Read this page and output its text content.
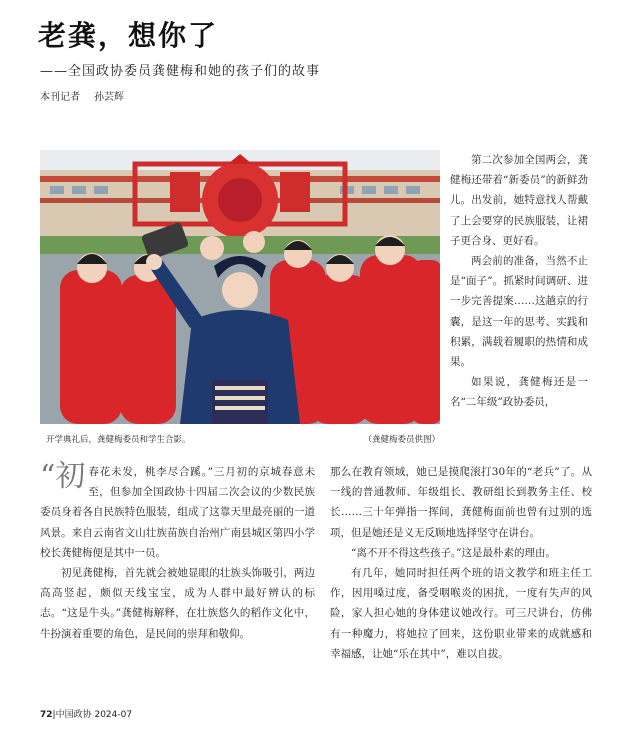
老龚，想你了
——全国政协委员龚健梅和她的孩子们的故事
本刊记者 孙芸辉
开学典礼后，龚健梅委员和学生合影。	（龚健梅委员供图）

第二次参加全国两会，龚健梅还带着“新委员”的新鲜劲儿。出发前，她特意找人帮戴了上会要穿的民族服装，让裙子更合身、更好看。

两会前的准备，当然不止是“面子”。抓紧时间调研、进一步完善提案……这趟京的行囊，是这一年的思考、实践和积累，满载着履职的热情和成果。

如果说，龚健梅还是一名“二年级”政协委员，

“初 春花未发，桃李尽合蹊。”三月初的京城春意未至，但参加全国政协十四届二次会议的少数民族委员身着各自民族特色服装，组成了这靠天里最亮丽的一道风景。来自云南省文山壮族苗族自治州广南县城区第四小学校长龚健梅便是其中一员。

初见龚健梅，首先就会被她显眼的壮族头饰吸引，两边高高竖起，颇似天线宝宝，成为人群中最好辨认的标志。“这是牛头。”龚健梅解释，在壮族悠久的稻作文化中，牛扮演着重要的角色，是民间的崇拜和敬仰。

那么在教育领域，她已是摸爬滚打30年的“老兵”了。从一线的普通教师、年级组长、教研组长到教务主任、校长……三十年弹指一挥间，龚健梅面前也曾有过别的选项，但是她还是义无反顾地选择坚守在讲台。

“离不开不得这些孩子。”这是最朴素的理由。

有几年，她同时担任两个班的语文教学和班主任工作，因用嗓过度，备受咽喉炎的困扰，一度有失声的风险，家人担心她的身体建议她改行。可三尺讲台，仿佛有一种魔力，将她拉了回来，这份职业带来的成就感和幸福感，让她“乐在其中”，难以自拔。

72|中国政协 2024-07
